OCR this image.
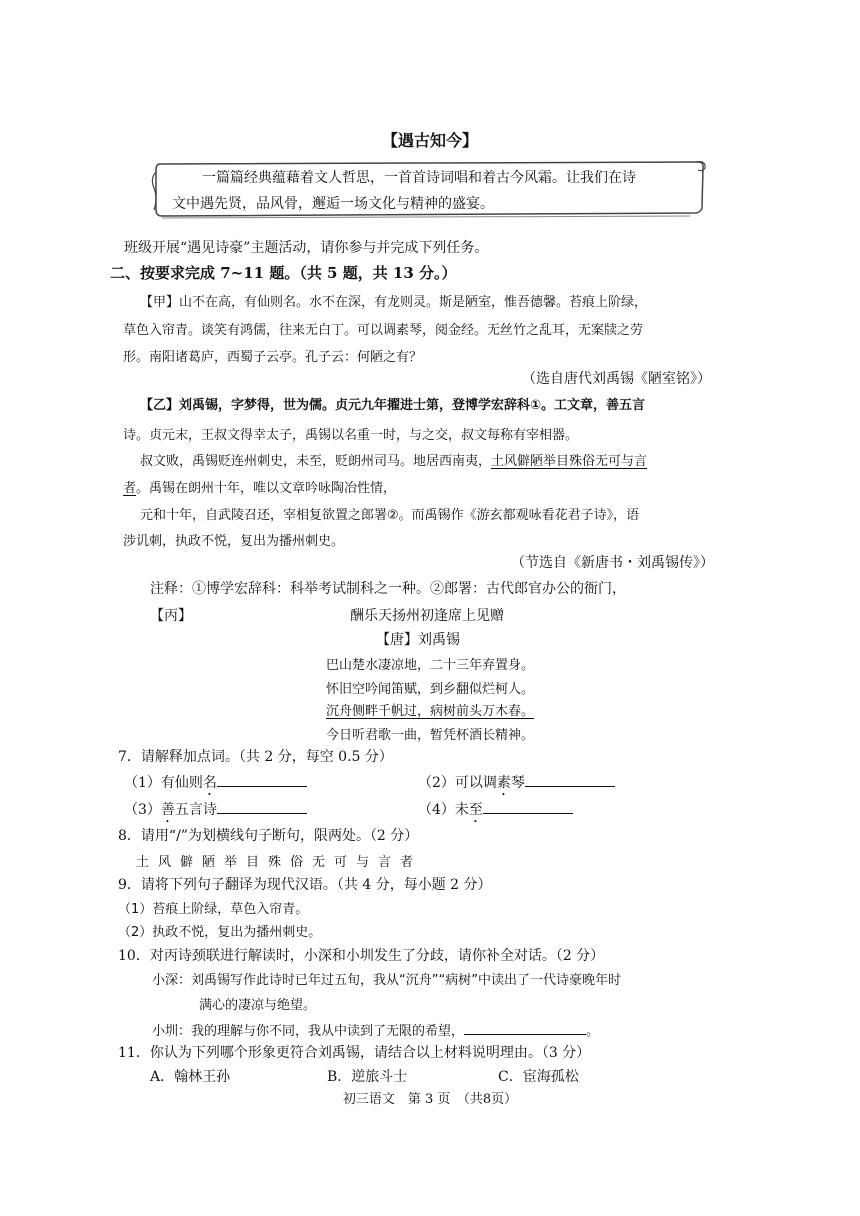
【遇古知今】
一篇篇经典蕴藉着文人哲思，一首首诗词唱和着古今风霜。让我们在诗
文中遇先贤，品风骨，邂逅一场文化与精神的盛宴。
班级开展“遇见诗豪”主题活动，请你参与并完成下列任务。
二、按要求完成 7~11 题。（共 5 题，共 13 分。）
【甲】山不在高，有仙则名。水不在深，有龙则灵。斯是陋室，惟吾德馨。苔痕上阶绿，
草色入帘青。谈笑有鸿儒，往来无白丁。可以调素琴，阅金经。无丝竹之乱耳，无案牍之劳
形。南阳诸葛庐，西蜀子云亭。孔子云：何陋之有？
（选自唐代刘禹锡《陋室铭》）
【乙】刘禹锡，字梦得，世为儒。贞元九年擢进士第，登博学宏辞科①。工文章，善五言
诗。贞元末，王叔文得幸太子，禹锡以名重一时，与之交，叔文每称有宰相器。
叔文败，禹锡贬连州刺史，未至，贬朗州司马。地居西南夷，土风僻陋举目殊俗无可与言
者。禹锡在朗州十年，唯以文章吟咏陶冶性情，
元和十年，自武陵召还，宰相复欲置之郎署②。而禹锡作《游玄都观咏看花君子诗》，语
涉讥刺，执政不悦，复出为播州刺史。
（节选自《新唐书・刘禹锡传》）
注释：①博学宏辞科：科举考试制科之一种。②郎署：古代郎官办公的衙门，
【丙】	酬乐天扬州初逢席上见赠
【唐】刘禹锡
巴山楚水凄凉地，二十三年弃置身。
怀旧空吟闻笛赋，到乡翻似烂柯人。
沉舟侧畔千帆过，病树前头万木春。
今日听君歌一曲，暂凭杯酒长精神。
7．请解释加点词。（共 2 分，每空 0.5 分）
（1）有仙则名	（2）可以调素琴
（3）善五言诗	（4）未至
8．请用“/”为划横线句子断句，限两处。（2 分）
土风僻陋举目殊俗无可与言者
9．请将下列句子翻译为现代汉语。（共 4 分，每小题 2 分）
（1）苔痕上阶绿，草色入帘青。
（2）执政不悦，复出为播州刺史。
10．对丙诗颈联进行解读时，小深和小圳发生了分歧，请你补全对话。（2 分）
小深：刘禹锡写作此诗时已年过五旬，我从“沉舟”“病树”中读出了一代诗豪晚年时
满心的凄凉与绝望。
小圳：我的理解与你不同，我从中读到了无限的希望，	。
11．你认为下列哪个形象更符合刘禹锡，请结合以上材料说明理由。（3 分）
A．翰林王孙	B．逆旅斗士	C．宦海孤松
初三语文　第 3 页　（共8页）
